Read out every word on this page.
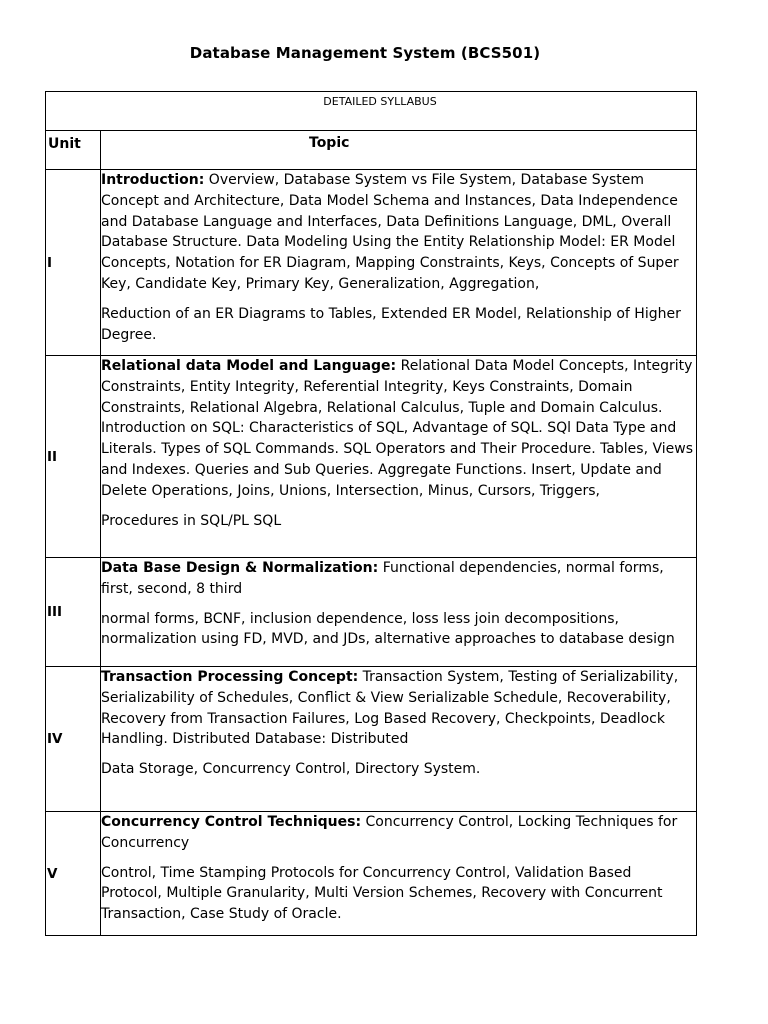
Database Management System (BCS501)
DETAILED SYLLABUS	

Unit	Topic

I	Introduction: Overview, Database System vs File System, Database System Concept and Architecture, Data Model Schema and Instances, Data Independence and Database Language and Interfaces, Data Definitions Language, DML, Overall Database Structure. Data Modeling Using the Entity Relationship Model: ER Model Concepts, Notation for ER Diagram, Mapping Constraints, Keys, Concepts of Super Key, Candidate Key, Primary Key, Generalization, Aggregation,

Reduction of an ER Diagrams to Tables, Extended ER Model, Relationship of Higher Degree.

II	Relational data Model and Language: Relational Data Model Concepts, Integrity Constraints, Entity Integrity, Referential Integrity, Keys Constraints, Domain Constraints, Relational Algebra, Relational Calculus, Tuple and Domain Calculus. Introduction on SQL: Characteristics of SQL, Advantage of SQL. SQl Data Type and Literals. Types of SQL Commands. SQL Operators and Their Procedure. Tables, Views and Indexes. Queries and Sub Queries. Aggregate Functions. Insert, Update and Delete Operations, Joins, Unions, Intersection, Minus, Cursors, Triggers,

Procedures in SQL/PL SQL

III	Data Base Design & Normalization: Functional dependencies, normal forms, first, second, 8 third

normal forms, BCNF, inclusion dependence, loss less join decompositions, normalization using FD, MVD, and JDs, alternative approaches to database design

IV	Transaction Processing Concept: Transaction System, Testing of Serializability, Serializability of Schedules, Conflict & View Serializable Schedule, Recoverability, Recovery from Transaction Failures, Log Based Recovery, Checkpoints, Deadlock Handling. Distributed Database: Distributed

Data Storage, Concurrency Control, Directory System.

V	Concurrency Control Techniques: Concurrency Control, Locking Techniques for Concurrency

Control, Time Stamping Protocols for Concurrency Control, Validation Based Protocol, Multiple Granularity, Multi Version Schemes, Recovery with Concurrent Transaction, Case Study of Oracle.
